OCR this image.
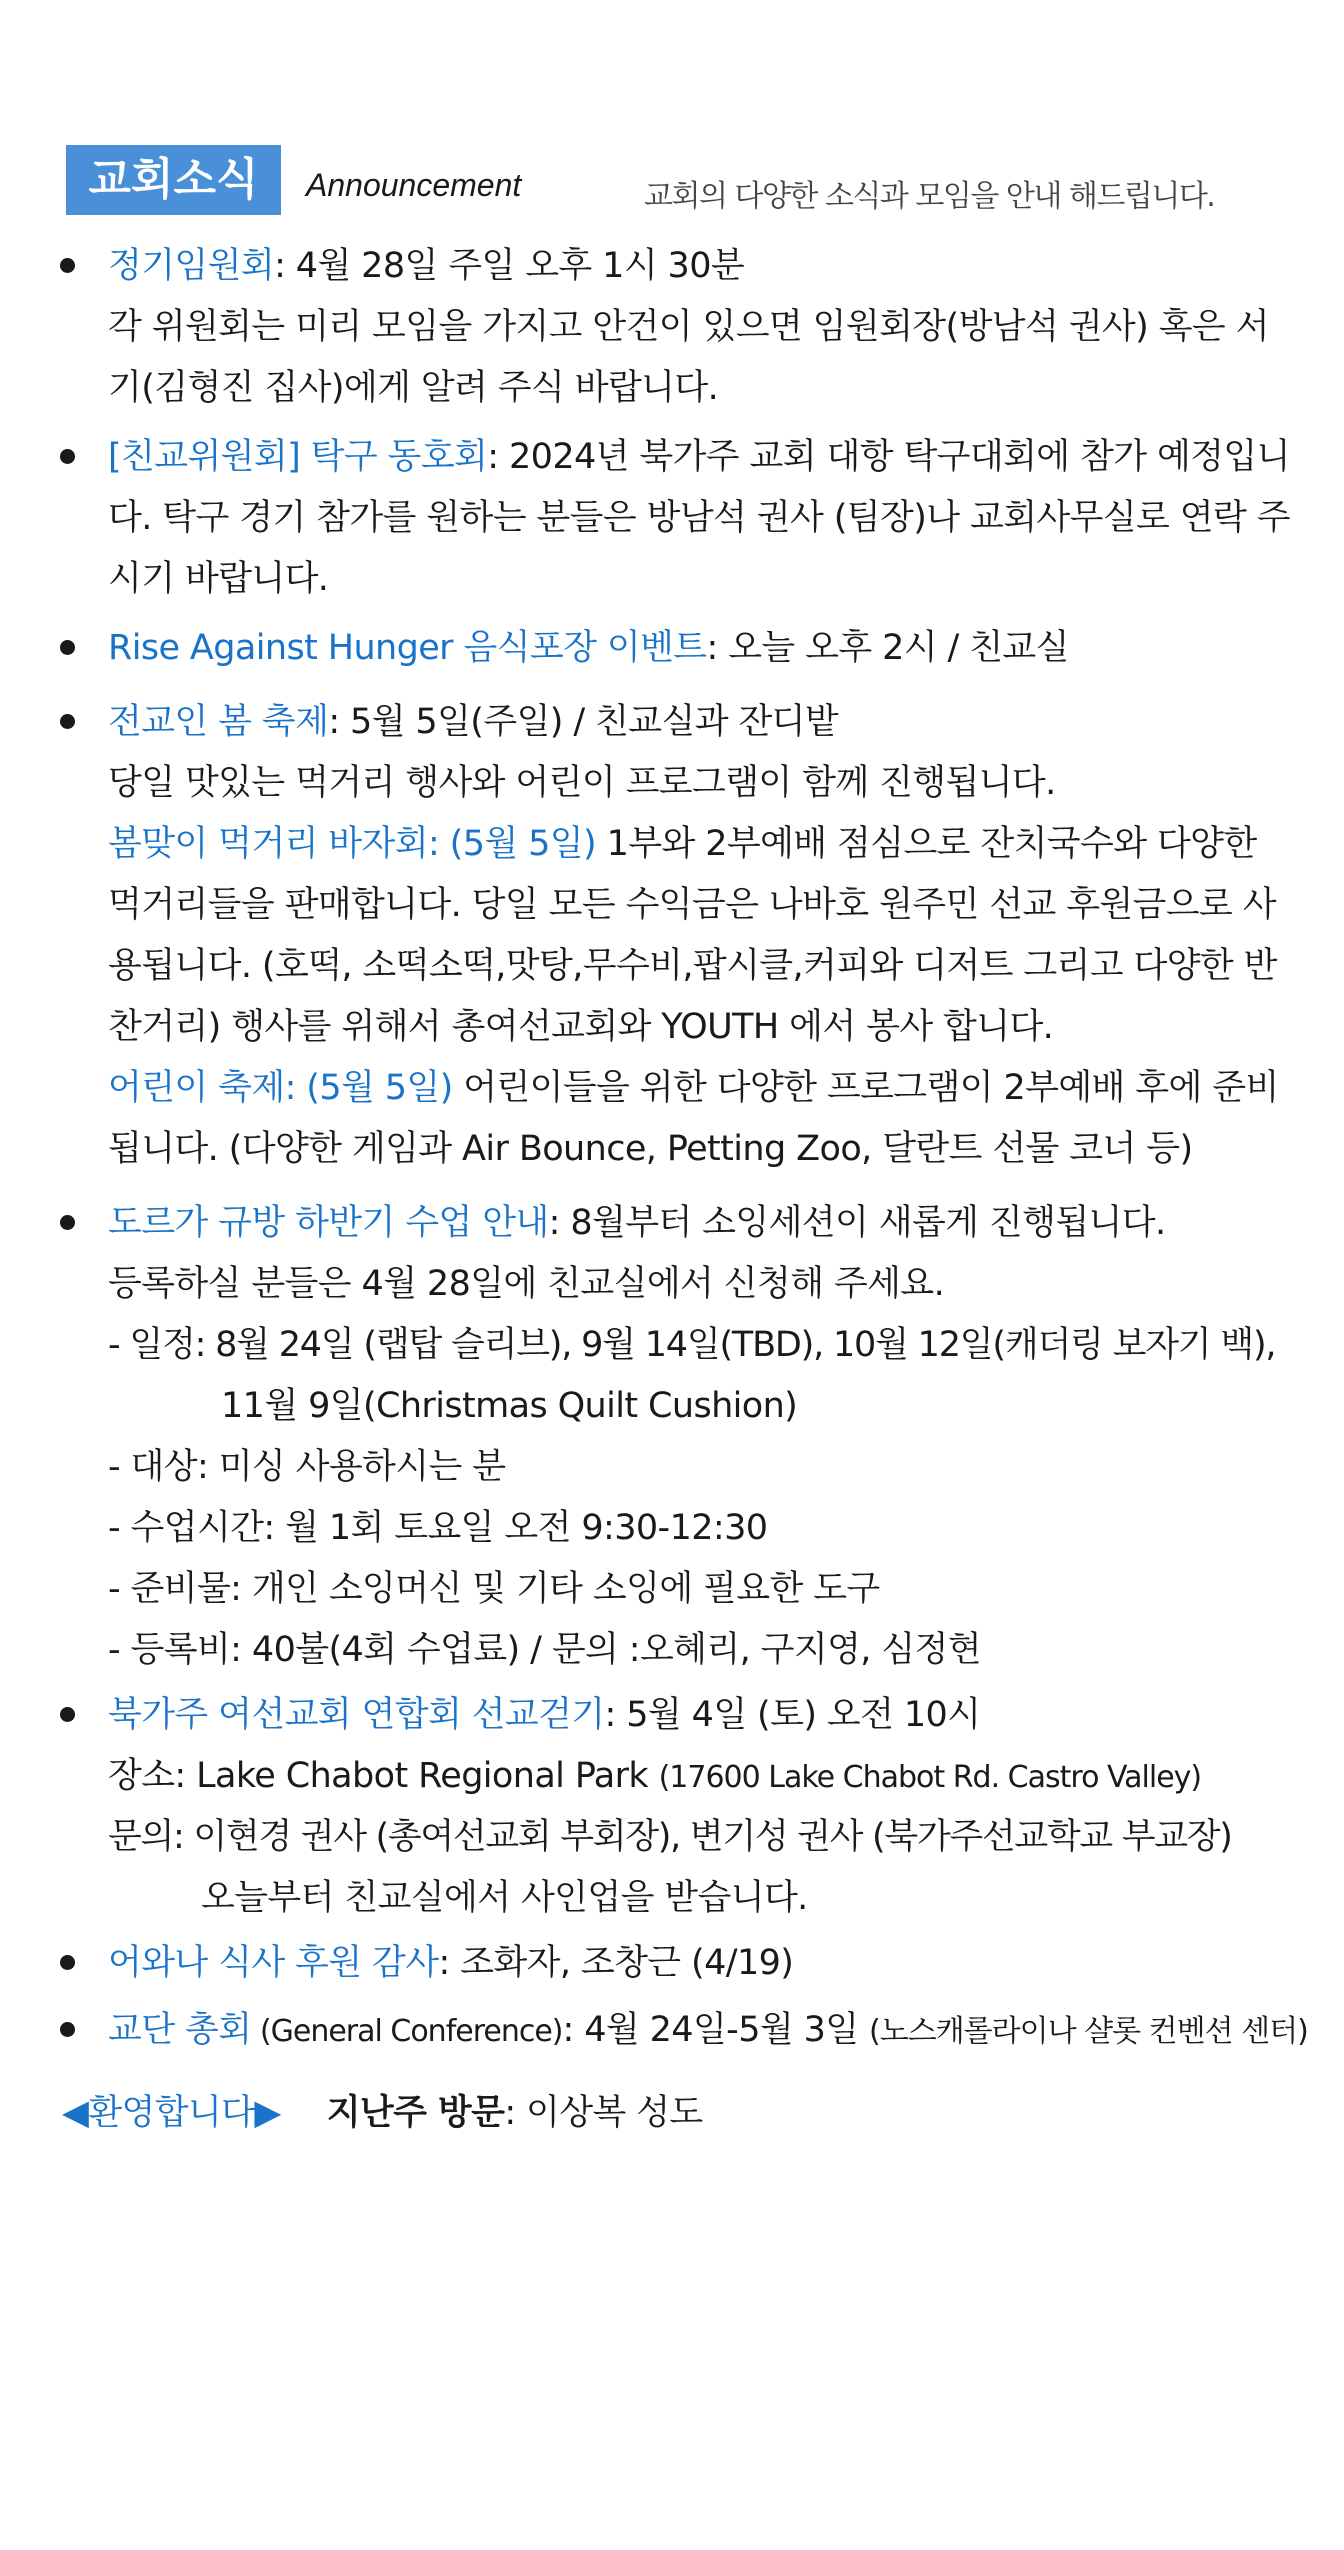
교회소식	Announcement	교회의 다양한 소식과 모임을 안내 해드립니다.
정기임원회: 4월 28일 주일 오후 1시 30분
각 위원회는 미리 모임을 가지고 안건이 있으면 임원회장(방남석 권사) 혹은 서
기(김형진 집사)에게 알려 주식 바랍니다.
[친교위원회] 탁구 동호회: 2024년 북가주 교회 대항 탁구대회에 참가 예정입니
다. 탁구 경기 참가를 원하는 분들은 방남석 권사 (팀장)나 교회사무실로 연락 주
시기 바랍니다.
Rise Against Hunger 음식포장 이벤트: 오늘 오후 2시 / 친교실
전교인 봄 축제: 5월 5일(주일) / 친교실과 잔디밭
당일 맛있는 먹거리 행사와 어린이 프로그램이 함께 진행됩니다.
봄맞이 먹거리 바자회: (5월 5일) 1부와 2부예배 점심으로 잔치국수와 다양한
먹거리들을 판매합니다. 당일 모든 수익금은 나바호 원주민 선교 후원금으로 사
용됩니다. (호떡, 소떡소떡,맛탕,무수비,팝시클,커피와 디저트 그리고 다양한 반
찬거리) 행사를 위해서 총여선교회와 YOUTH 에서 봉사 합니다.
어린이 축제: (5월 5일) 어린이들을 위한 다양한 프로그램이 2부예배 후에 준비
됩니다. (다양한 게임과 Air Bounce, Petting Zoo, 달란트 선물 코너 등)
도르가 규방 하반기 수업 안내: 8월부터 소잉세션이 새롭게 진행됩니다.
등록하실 분들은 4월 28일에 친교실에서 신청해 주세요.
- 일정: 8월 24일 (랩탑 슬리브), 9월 14일(TBD), 10월 12일(캐더링 보자기 백),
11월 9일(Christmas Quilt Cushion)
- 대상: 미싱 사용하시는 분
- 수업시간: 월 1회 토요일 오전 9:30-12:30
- 준비물: 개인 소잉머신 및 기타 소잉에 필요한 도구
- 등록비: 40불(4회 수업료) / 문의 :오혜리, 구지영, 심정현
북가주 여선교회 연합회 선교걷기: 5월 4일 (토) 오전 10시
장소: Lake Chabot Regional Park (17600 Lake Chabot Rd. Castro Valley)
문의: 이현경 권사 (총여선교회 부회장), 변기성 권사 (북가주선교학교 부교장)
오늘부터 친교실에서 사인업을 받습니다.
어와나 식사 후원 감사: 조화자, 조창근 (4/19)
교단 총회 (General Conference): 4월 24일-5월 3일 (노스캐롤라이나 샬롯 컨벤션 센터)
◀환영합니다▶ 지난주 방문: 이상복 성도
